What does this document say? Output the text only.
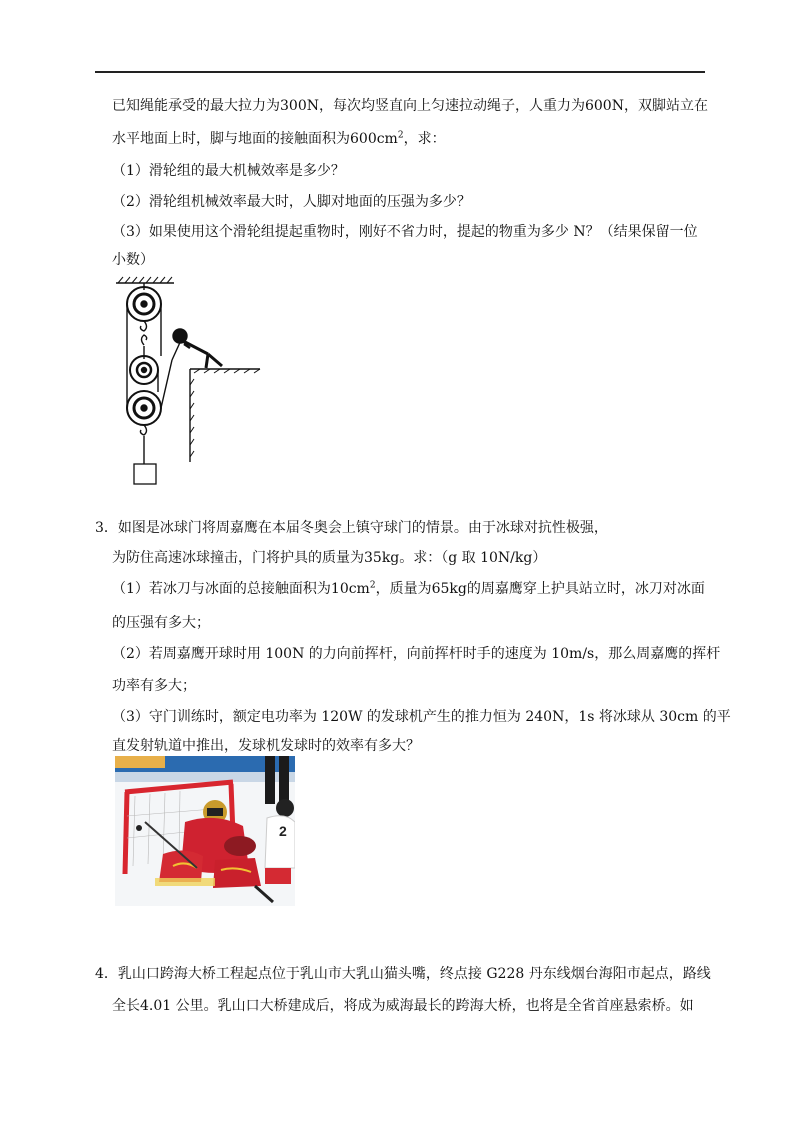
已知绳能承受的最大拉力为300N，每次均竖直向上匀速拉动绳子，人重力为600N，双脚站立在
水平地面上时，脚与地面的接触面积为$600cm^2$，求：
（1）滑轮组的最大机械效率是多少？
（2）滑轮组机械效率最大时，人脚对地面的压强为多少？
（3）如果使用这个滑轮组提起重物时，刚好不省力时，提起的物重为多少 N？（结果保留一位
小数）
3．如图是冰球门将周嘉鹰在本届冬奥会上镇守球门的情景。由于冰球对抗性极强，
为防住高速冰球撞击，门将护具的质量为35kg。求：（g 取 10N/kg）
（1）若冰刀与冰面的总接触面积为$10cm^2$，质量为65kg的周嘉鹰穿上护具站立时，冰刀对冰面
的压强有多大；
（2）若周嘉鹰开球时用 100N 的力向前挥杆，向前挥杆时手的速度为 10m/s，那么周嘉鹰的挥杆
功率有多大；
（3）守门训练时，额定电功率为 120W 的发球机产生的推力恒为 240N，1s 将冰球从 30cm 的平
直发射轨道中推出，发球机发球时的效率有多大？
2
4．乳山口跨海大桥工程起点位于乳山市大乳山猫头嘴，终点接 G228 丹东线烟台海阳市起点，路线
全长4.01 公里。乳山口大桥建成后，将成为威海最长的跨海大桥，也将是全省首座悬索桥。如
